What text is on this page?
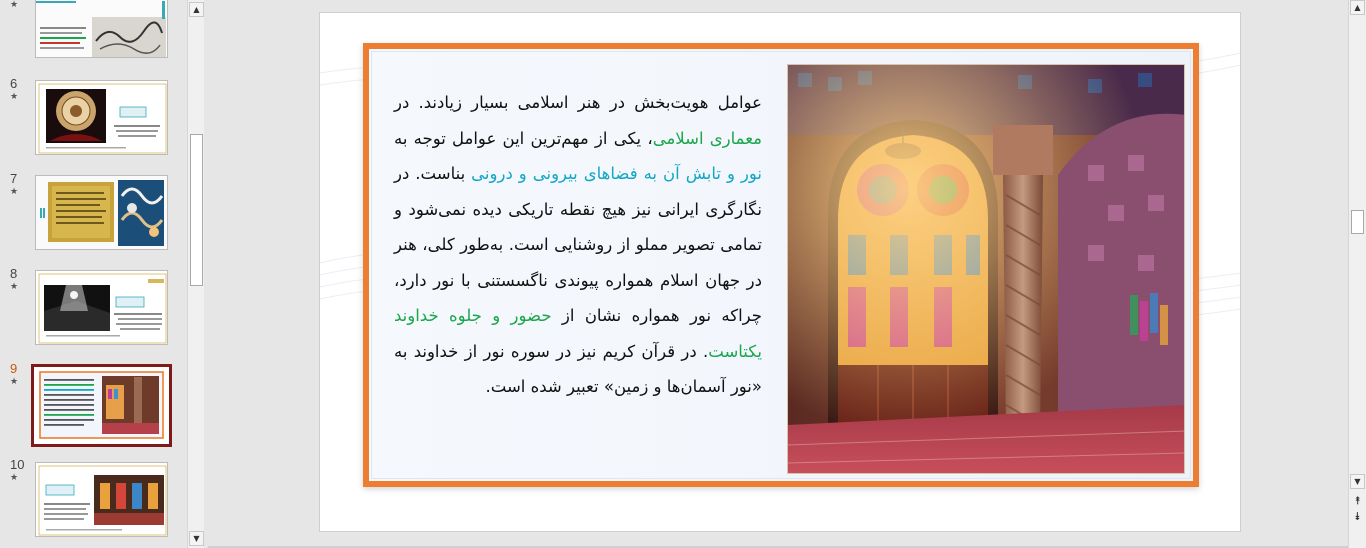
★
6
★
7
★
8
★
9
★
10
★
▲
▼
عوامل هویت‌بخش در هنر اسلامی بسیار زیادند. در معماری اسلامی، یکی از مهم‌ترین این عوامل توجه به نور و تابش آن به فضاهای بیرونی و درونی بناست. در نگارگری ایرانی نیز هیچ نقطه تاریکی دیده نمی‌شود و تمامی تصویر مملو از روشنایی است. به‌طور کلی، هنر در جهان اسلام همواره پیوندی ناگسستنی با نور دارد، چراکه نور همواره نشان از حضور و جلوه خداوند یکتاست. در قرآن کریم نیز در سوره نور از خداوند به «نور آسمان‌ها و زمین» تعبیر شده است.
▲
▼
⯭
⯯
